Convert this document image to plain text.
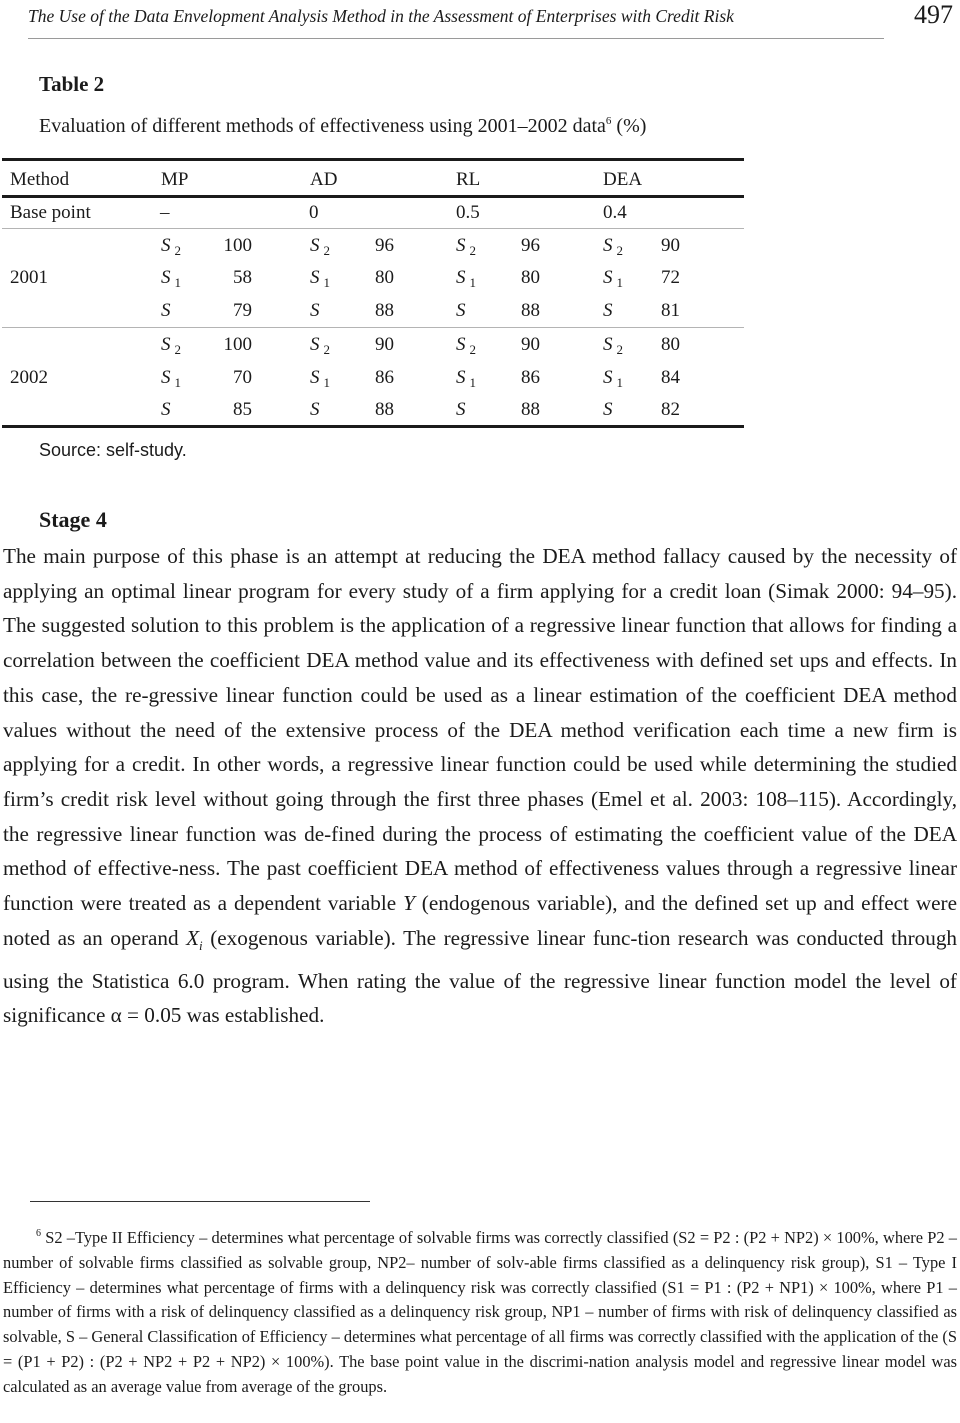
The Use of the Data Envelopment Analysis Method in the Assessment of Enterprises with Credit Risk	497
Table 2
Evaluation of different methods of effectiveness using 2001–2002 data$^6$ (%)
Method	MP	AD	RL	DEA
Base point	–	0	0.5	0.4
2001
S $_2$	100	S $_2$	96	S $_2$	96	S $_2$	90
S $_1$	58	S $_1$	80	S $_1$	80	S $_1$	72
S	79	S	88	S	88	S	81
2002
S $_2$	100	S $_2$	90	S $_2$	90	S $_2$	80
S $_1$	70	S $_1$	86	S $_1$	86	S $_1$	84
S	85	S	88	S	88	S	82
Source: self-study.
Stage 4

The main purpose of this phase is an attempt at reducing the DEA method fallacy caused by the necessity of applying an optimal linear program for every study of a firm applying for a credit loan (Simak 2000: 94–95). The suggested solution to this problem is the application of a regressive linear function that allows for finding a correlation between the coefficient DEA method value and its effectiveness with defined set ups and effects. In this case, the re-gressive linear function could be used as a linear estimation of the coefficient DEA method values without the need of the extensive process of the DEA method verification each time a new firm is applying for a credit. In other words, a regressive linear function could be used while determining the studied firm’s credit risk level without going through the first three phases (Emel et al. 2003: 108–115). Accordingly, the regressive linear function was de-fined during the process of estimating the coefficient value of the DEA method of effective-ness. The past coefficient DEA method of effectiveness values through a regressive linear function were treated as a dependent variable Y (endogenous variable), and the defined set up and effect were noted as an operand $X_i$ (exogenous variable). The regressive linear func-tion research was conducted through using the Statistica 6.0 program. When rating the value of the regressive linear function model the level of significance α = 0.05 was established.

$^6$ S2 –Type II Efficiency – determines what percentage of solvable firms was correctly classified (S2 = P2 : (P2 + NP2) × 100%, where P2 – number of solvable firms classified as solvable group, NP2– number of solv-able firms classified as a delinquency risk group), S1 – Type I Efficiency – determines what percentage of firms with a delinquency risk was correctly classified (S1 = P1 : (P2 + NP1) × 100%, where P1 – number of firms with a risk of delinquency classified as a delinquency risk group, NP1 – number of firms with risk of delinquency classified as solvable, S – General Classification of Efficiency – determines what percentage of all firms was correctly classified with the application of the (S = (P1 + P2) : (P2 + NP2 + P2 + NP2) × 100%). The base point value in the discrimi-nation analysis model and regressive linear model was calculated as an average value from average of the groups.
